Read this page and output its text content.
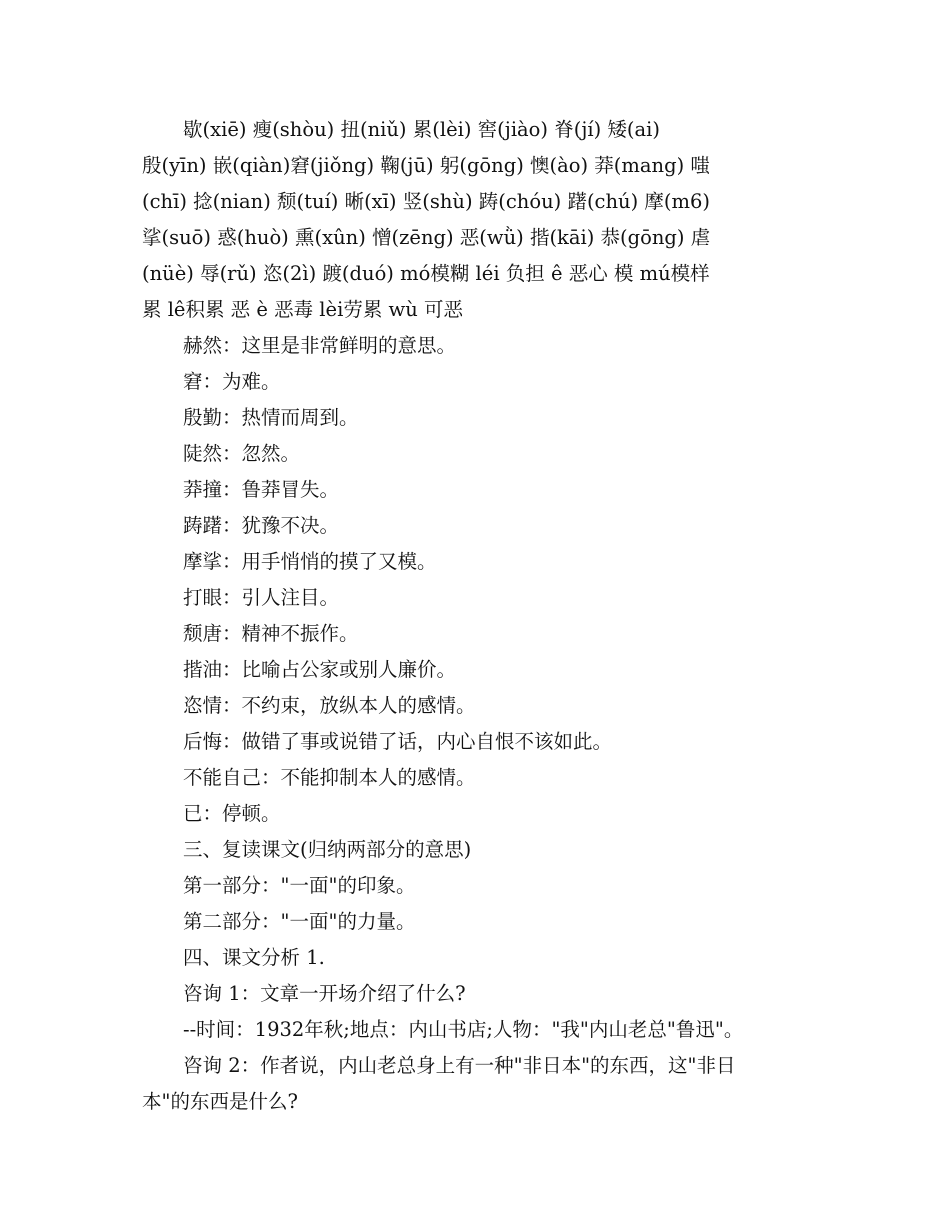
歇(xiē) 瘦(shòu) 扭(niǔ) 累(lèi) 窖(jiào) 脊(jí) 矮(ai)
殷(yīn) 嵌(qiàn)窘(jiǒng) 鞠(jū) 躬(gōng) 懊(ào) 莽(mang) 嗤
(chī) 捻(nian) 颓(tuí) 晰(xī) 竖(shù) 踌(chóu) 躇(chú) 摩(m6)
挲(suō) 惑(huò) 熏(xûn) 憎(zēng) 恶(wǜ) 揩(kāi) 恭(gōng) 虐
(nüè) 辱(rǔ) 恣(2ì) 踱(duó) mó模糊 léi 负担 ê 恶心 模 mú模样
累 lê积累 恶 è 恶毒 lèi劳累 wù 可恶
赫然：这里是非常鲜明的意思。
窘：为难。
殷勤：热情而周到。
陡然：忽然。
莽撞：鲁莽冒失。
踌躇：犹豫不决。
摩挲：用手悄悄的摸了又模。
打眼：引人注目。
颓唐：精神不振作。
揩油：比喻占公家或别人廉价。
恣情：不约束，放纵本人的感情。
后悔：做错了事或说错了话，内心自恨不该如此。
不能自己：不能抑制本人的感情。
已：停顿。
三、复读课文(归纳两部分的意思)
第一部分："一面"的印象。
第二部分："一面"的力量。
四、课文分析 1.
咨询 1：文章一开场介绍了什么?
--时间：1932年秋;地点：内山书店;人物："我"内山老总"鲁迅"。
咨询 2：作者说，内山老总身上有一种"非日本"的东西，这"非日
本"的东西是什么?
